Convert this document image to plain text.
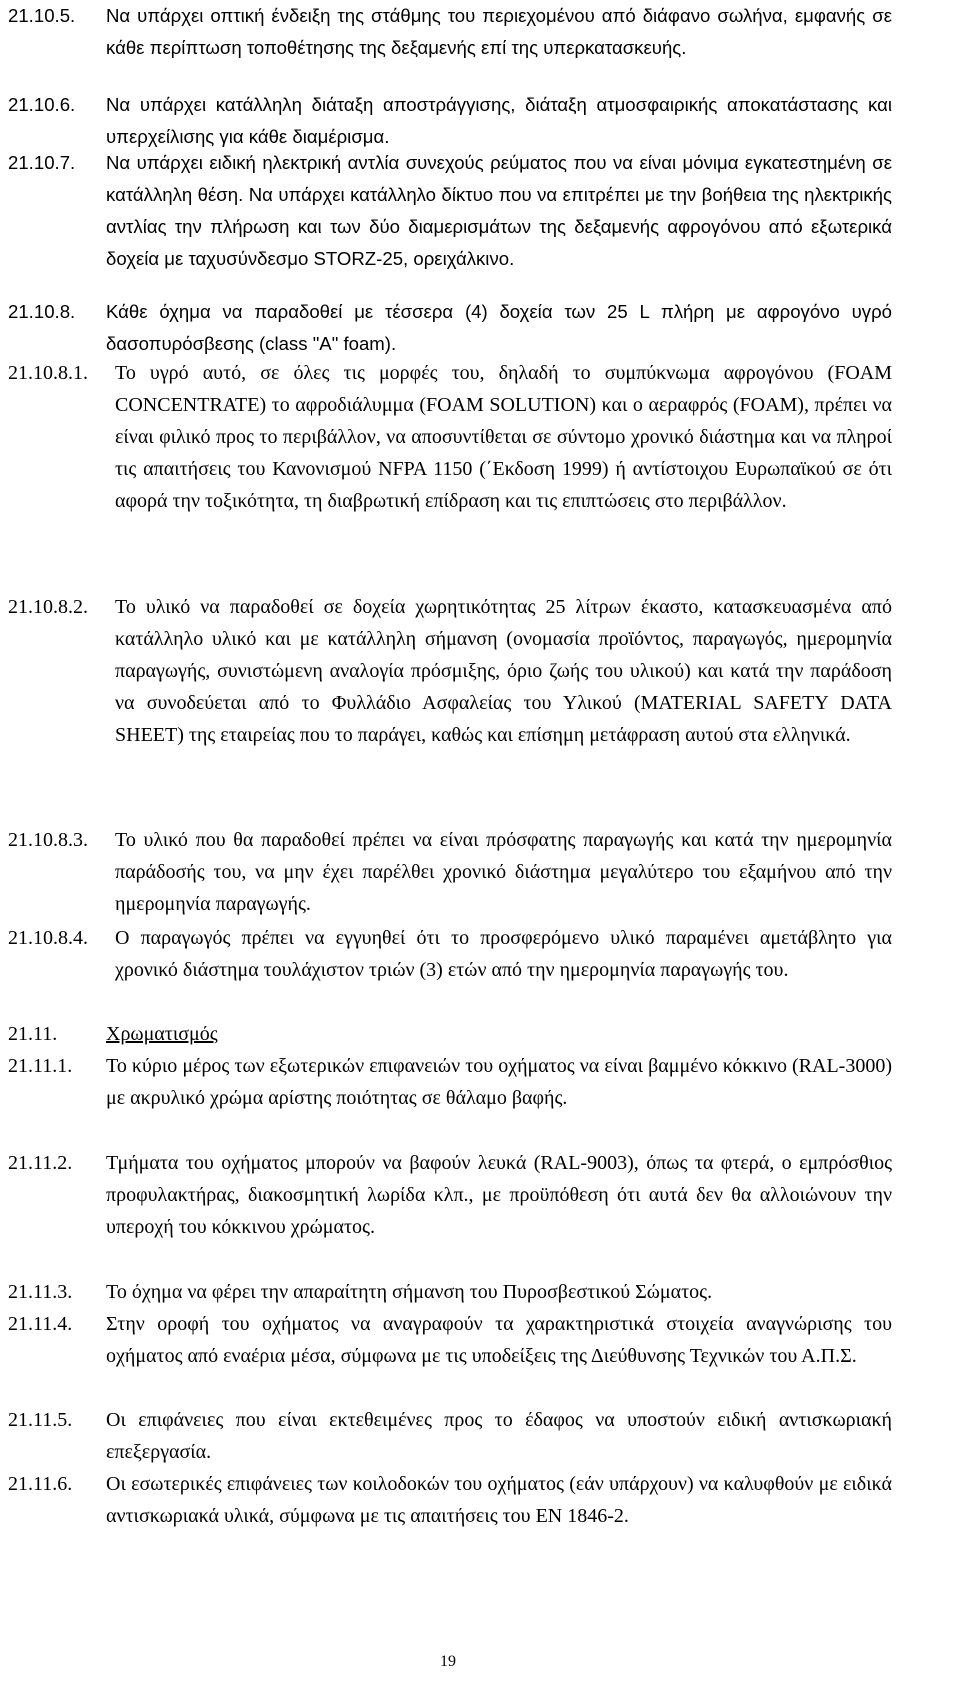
21.10.5.	Να υπάρχει οπτική ένδειξη της στάθμης του περιεχομένου από διάφανο σωλήνα, εμφανής σε κάθε περίπτωση τοποθέτησης της δεξαμενής επί της υπερκατασκευής.
21.10.6.	Να υπάρχει κατάλληλη διάταξη αποστράγγισης, διάταξη ατμοσφαιρικής αποκατάστασης και υπερχείλισης για κάθε διαμέρισμα.
21.10.7.	Να υπάρχει ειδική ηλεκτρική αντλία συνεχούς ρεύματος που να είναι μόνιμα εγκατεστημένη σε κατάλληλη θέση. Να υπάρχει κατάλληλο δίκτυο που να επιτρέπει με την βοήθεια της ηλεκτρικής αντλίας την πλήρωση και των δύο διαμερισμάτων της δεξαμενής αφρογόνου από εξωτερικά δοχεία με ταχυσύνδεσμο STORZ-25, ορειχάλκινο.
21.10.8.	Κάθε όχημα να παραδοθεί με τέσσερα (4) δοχεία των 25 L πλήρη με αφρογόνο υγρό δασοπυρόσβεσης (class "A" foam).
21.10.8.1.	Το υγρό αυτό, σε όλες τις μορφές του, δηλαδή το συμπύκνωμα αφρογόνου (FOAM CONCENTRATE) το αφροδιάλυμμα (FOAM SOLUTION) και ο αεραφρός (FOAM), πρέπει να είναι φιλικό προς το περιβάλλον, να αποσυντίθεται σε σύντομο χρονικό διάστημα και να πληροί τις απαιτήσεις του Κανονισμού NFPA 1150 (΄Εκδοση 1999) ή αντίστοιχου Ευρωπαϊκού σε ότι αφορά την τοξικότητα, τη διαβρωτική επίδραση και τις επιπτώσεις στο περιβάλλον.
21.10.8.2.	Το υλικό να παραδοθεί σε δοχεία χωρητικότητας 25 λίτρων έκαστο, κατασκευασμένα από κατάλληλο υλικό και με κατάλληλη σήμανση (ονομασία προϊόντος, παραγωγός, ημερομηνία παραγωγής, συνιστώμενη αναλογία πρόσμιξης, όριο ζωής του υλικού) και κατά την παράδοση να συνοδεύεται από το Φυλλάδιο Ασφαλείας του Υλικού (MATERIAL SAFETY DATA SHEET) της εταιρείας που το παράγει, καθώς και επίσημη μετάφραση αυτού στα ελληνικά.
21.10.8.3.	Το υλικό που θα παραδοθεί πρέπει να είναι πρόσφατης παραγωγής και κατά την ημερομηνία παράδοσής του, να μην έχει παρέλθει χρονικό διάστημα μεγαλύτερο του εξαμήνου από την ημερομηνία παραγωγής.
21.10.8.4.	Ο παραγωγός πρέπει να εγγυηθεί ότι το προσφερόμενο υλικό παραμένει αμετάβλητο για χρονικό διάστημα τουλάχιστον τριών (3) ετών από την ημερομηνία παραγωγής του.
21.11.	Χρωματισμός
21.11.1.	Το κύριο μέρος των εξωτερικών επιφανειών του οχήματος να είναι βαμμένο κόκκινο (RAL-3000) με ακρυλικό χρώμα αρίστης ποιότητας σε θάλαμο βαφής.
21.11.2.	Τμήματα του οχήματος μπορούν να βαφούν λευκά (RAL-9003), όπως τα φτερά, ο εμπρόσθιος προφυλακτήρας, διακοσμητική λωρίδα κλπ., με προϋπόθεση ότι αυτά δεν θα αλλοιώνουν την υπεροχή του κόκκινου χρώματος.
21.11.3.	Το όχημα να φέρει την απαραίτητη σήμανση του Πυροσβεστικού Σώματος.
21.11.4.	Στην οροφή του οχήματος να αναγραφούν τα χαρακτηριστικά στοιχεία αναγνώρισης του οχήματος από εναέρια μέσα, σύμφωνα με τις υποδείξεις της Διεύθυνσης Τεχνικών του Α.Π.Σ.
21.11.5.	Οι επιφάνειες που είναι εκτεθειμένες προς το έδαφος να υποστούν ειδική αντισκωριακή επεξεργασία.
21.11.6.	Οι εσωτερικές επιφάνειες των κοιλοδοκών του οχήματος (εάν υπάρχουν) να καλυφθούν με ειδικά αντισκωριακά υλικά, σύμφωνα με τις απαιτήσεις του EN 1846-2.
19
